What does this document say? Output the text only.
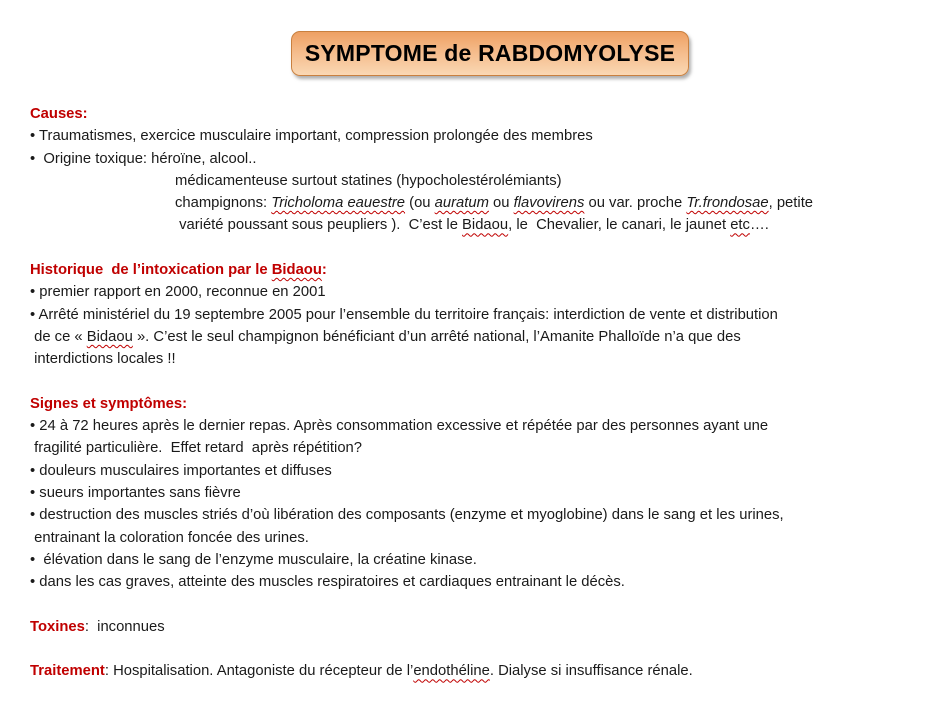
SYMPTOME de RABDOMYOLYSE
Causes:
• Traumatismes, exercice musculaire important, compression prolongée des membres
•  Origine toxique: héroïne, alcool..
médicamenteuse surtout statines (hypocholestérolémiants)
champignons: Tricholoma eauestre (ou auratum ou flavovirens ou var. proche Tr.frondosae, petite
variété poussant sous peupliers ).  C’est le Bidaou, le  Chevalier, le canari, le jaunet etc….

Historique  de l’intoxication par le Bidaou:
• premier rapport en 2000, reconnue en 2001
• Arrêté ministériel du 19 septembre 2005 pour l’ensemble du territoire français: interdiction de vente et distribution
de ce « Bidaou ». C’est le seul champignon bénéficiant d’un arrêté national, l’Amanite Phalloïde n’a que des
interdictions locales !!

Signes et symptômes:
• 24 à 72 heures après le dernier repas. Après consommation excessive et répétée par des personnes ayant une
fragilité particulière.  Effet retard  après répétition?
• douleurs musculaires importantes et diffuses
• sueurs importantes sans fièvre
• destruction des muscles striés d’où libération des composants (enzyme et myoglobine) dans le sang et les urines,
entrainant la coloration foncée des urines.
•  élévation dans le sang de l’enzyme musculaire, la créatine kinase.
• dans les cas graves, atteinte des muscles respiratoires et cardiaques entrainant le décès.

Toxines:  inconnues

Traitement: Hospitalisation. Antagoniste du récepteur de l’endothéline. Dialyse si insuffisance rénale.
